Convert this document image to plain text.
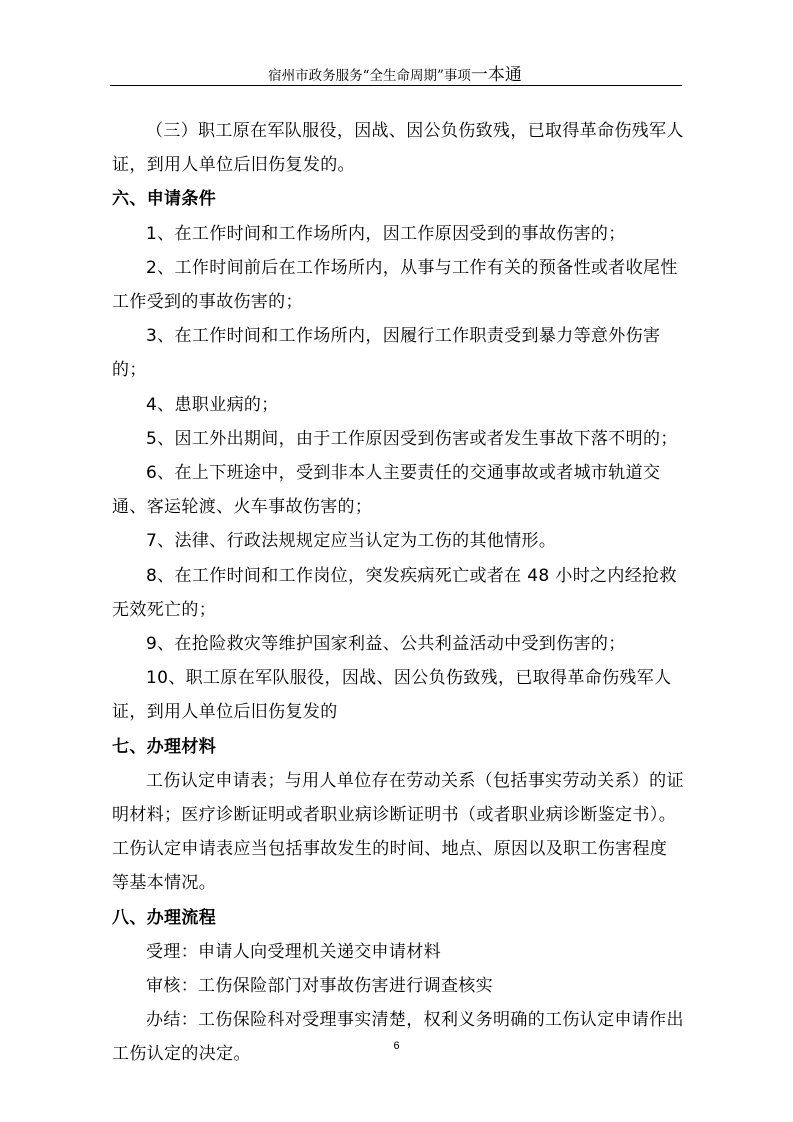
宿州市政务服务“全生命周期”事项一本通

（三）职工原在军队服役，因战、因公负伤致残，已取得革命伤残军人证，到用人单位后旧伤复发的。

六、申请条件

1、在工作时间和工作场所内，因工作原因受到的事故伤害的；

2、工作时间前后在工作场所内，从事与工作有关的预备性或者收尾性工作受到的事故伤害的；

3、在工作时间和工作场所内，因履行工作职责受到暴力等意外伤害的；

4、患职业病的；

5、因工外出期间，由于工作原因受到伤害或者发生事故下落不明的；

6、在上下班途中，受到非本人主要责任的交通事故或者城市轨道交通、客运轮渡、火车事故伤害的；

7、法律、行政法规规定应当认定为工伤的其他情形。

8、在工作时间和工作岗位，突发疾病死亡或者在 48 小时之内经抢救无效死亡的；

9、在抢险救灾等维护国家利益、公共利益活动中受到伤害的；

10、职工原在军队服役，因战、因公负伤致残，已取得革命伤残军人证，到用人单位后旧伤复发的

七、办理材料

工伤认定申请表；与用人单位存在劳动关系（包括事实劳动关系）的证明材料；医疗诊断证明或者职业病诊断证明书（或者职业病诊断鉴定书）。工伤认定申请表应当包括事故发生的时间、地点、原因以及职工伤害程度等基本情况。

八、办理流程

受理：申请人向受理机关递交申请材料

审核：工伤保险部门对事故伤害进行调查核实

办结：工伤保险科对受理事实清楚，权利义务明确的工伤认定申请作出工伤认定的决定。	6
